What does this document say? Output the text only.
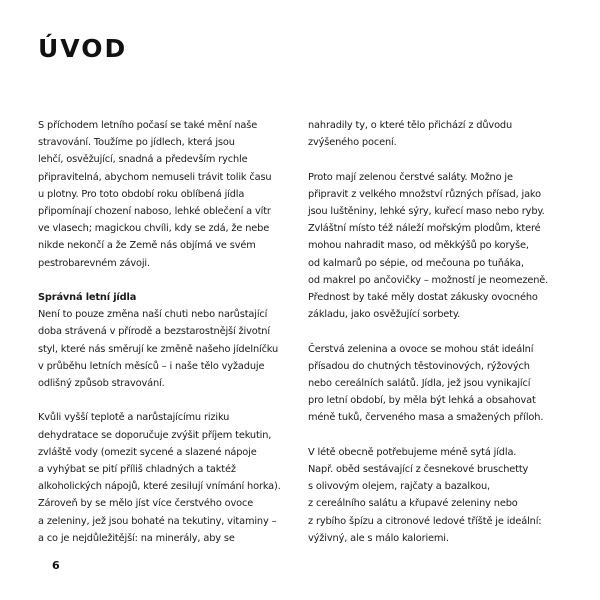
ÚVOD

S příchodem letního počasí se také mění naše

stravování. Toužíme po jídlech, která jsou

lehčí, osvěžující, snadná a především rychle

připravitelná, abychom nemuseli trávit tolik času

u plotny. Pro toto období roku oblíbená jídla

připomínají chození naboso, lehké oblečení a vítr

ve vlasech; magickou chvíli, kdy se zdá, že nebe

nikde nekončí a že Země nás objímá ve svém

pestrobarevném závoji.

Správná letní jídla

Není to pouze změna naší chuti nebo narůstající

doba strávená v přírodě a bezstarostnější životní

styl, které nás směrují ke změně našeho jídelníčku

v průběhu letních měsíců – i naše tělo vyžaduje

odlišný způsob stravování.

Kvůli vyšší teplotě a narůstajícímu riziku

dehydratace se doporučuje zvýšit příjem tekutin,

zvláště vody (omezit sycené a slazené nápoje

a vyhýbat se pití příliš chladných a taktéž

alkoholických nápojů, které zesilují vnímání horka).

Zároveň by se mělo jíst více čerstvého ovoce

a zeleniny, jež jsou bohaté na tekutiny, vitaminy –

a co je nejdůležitější: na minerály, aby se

nahradily ty, o které tělo přichází z důvodu

zvýšeného pocení.

Proto mají zelenou čerstvé saláty. Možno je

připravit z velkého množství různých přísad, jako

jsou luštěniny, lehké sýry, kuřecí maso nebo ryby.

Zvláštní místo též náleží mořským plodům, které

mohou nahradit maso, od měkkýšů po koryše,

od kalmarů po sépie, od mečouna po tuňáka,

od makrel po ančovičky – možností je neomezeně.

Přednost by také měly dostat zákusky ovocného

základu, jako osvěžující sorbety.

Čerstvá zelenina a ovoce se mohou stát ideální

přísadou do chutných těstovinových, rýžových

nebo cereálních salátů. Jídla, jež jsou vynikající

pro letní období, by měla být lehká a obsahovat

méně tuků, červeného masa a smažených příloh.

V létě obecně potřebujeme méně sytá jídla.

Např. oběd sestávající z česnekové bruschetty

s olivovým olejem, rajčaty a bazalkou,

z cereálního salátu a křupavé zeleniny nebo

z rybího špízu a citronové ledové tříště je ideální:

výživný, ale s málo kaloriemi.

6
